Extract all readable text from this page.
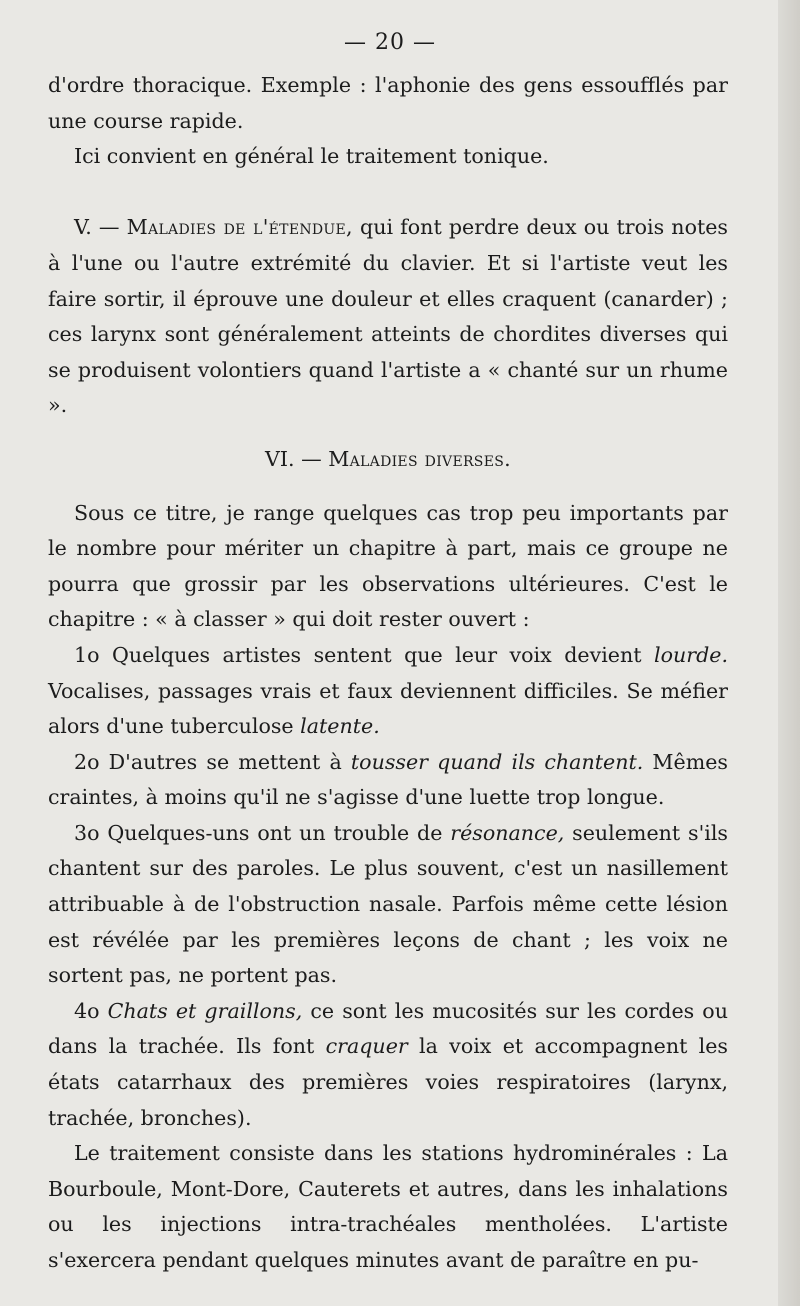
— 20 —

d'ordre thoracique. Exemple : l'aphonie des gens essoufflés par une course rapide.

Ici convient en général le traitement tonique.

V. — Maladies de l'étendue, qui font perdre deux ou trois notes à l'une ou l'autre extrémité du clavier. Et si l'artiste veut les faire sortir, il éprouve une douleur et elles craquent (canarder) ; ces larynx sont généralement atteints de chordites diverses qui se produisent volontiers quand l'artiste a « chanté sur un rhume ».

VI. — Maladies diverses.

Sous ce titre, je range quelques cas trop peu importants par le nombre pour mériter un chapitre à part, mais ce groupe ne pourra que grossir par les observations ultérieures. C'est le chapitre : « à classer » qui doit rester ouvert :

1o Quelques artistes sentent que leur voix devient lourde. Vocalises, passages vrais et faux deviennent difficiles. Se méfier alors d'une tuberculose latente.

2o D'autres se mettent à tousser quand ils chantent. Mêmes craintes, à moins qu'il ne s'agisse d'une luette trop longue.

3o Quelques-uns ont un trouble de résonance, seulement s'ils chantent sur des paroles. Le plus souvent, c'est un nasillement attribuable à de l'obstruction nasale. Parfois même cette lésion est révélée par les premières leçons de chant ; les voix ne sortent pas, ne portent pas.

4o Chats et graillons, ce sont les mucosités sur les cordes ou dans la trachée. Ils font craquer la voix et accompagnent les états catarrhaux des premières voies respiratoires (larynx, trachée, bronches).

Le traitement consiste dans les stations hydrominérales : La Bourboule, Mont-Dore, Cauterets et autres, dans les inhalations ou les injections intra-trachéales mentholées. L'artiste s'exercera pendant quelques minutes avant de paraître en pu-
